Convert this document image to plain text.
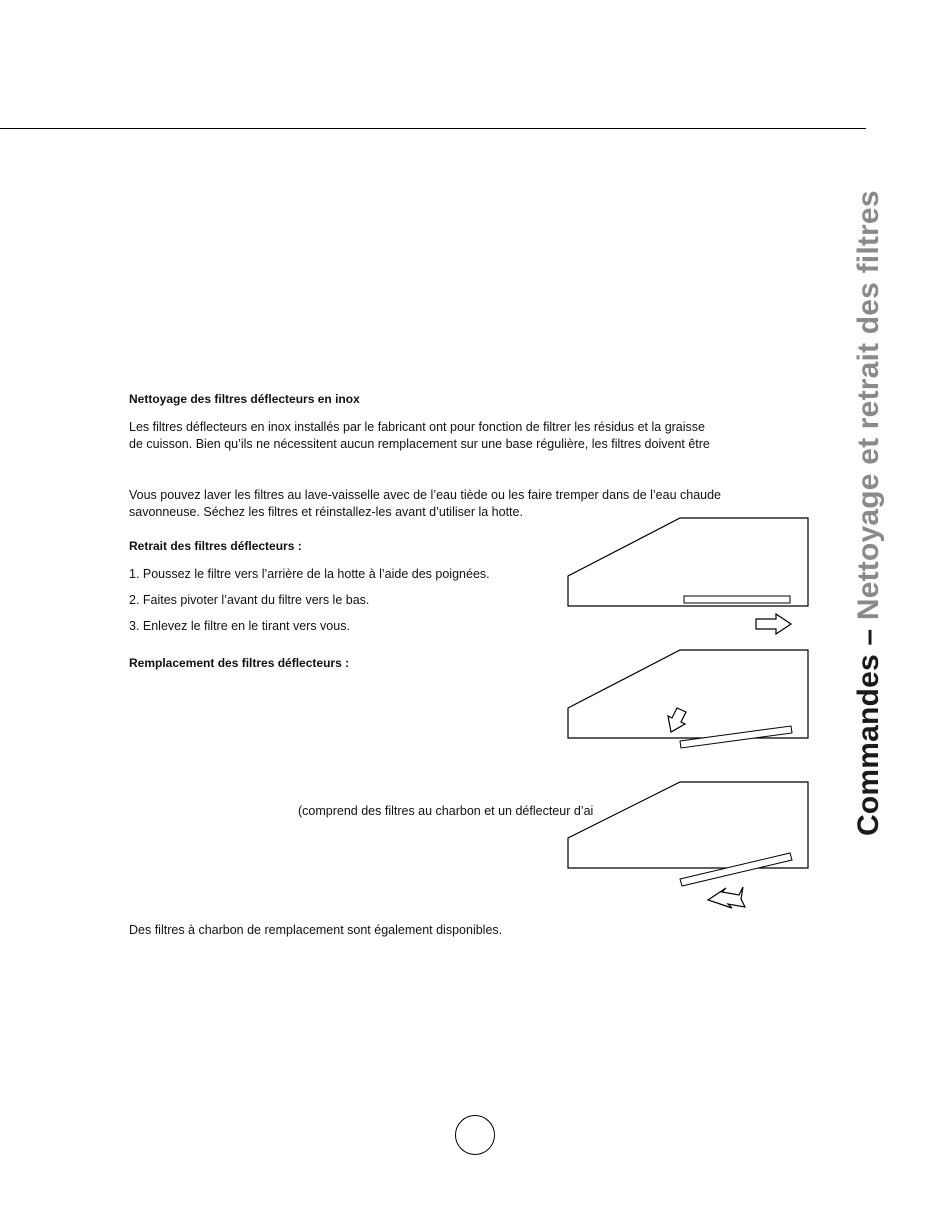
Nettoyage des filtres déflecteurs en inox
Les filtres déflecteurs en inox installés par le fabricant ont pour fonction de filtrer les résidus et la graisse
de cuisson. Bien qu’ils ne nécessitent aucun remplacement sur une base régulière, les filtres doivent être
Vous pouvez laver les filtres au lave-vaisselle avec de l’eau tiède ou les faire tremper dans de l’eau chaude
savonneuse. Séchez les filtres et réinstallez-les avant d’utiliser la hotte.
Retrait des filtres déflecteurs :
1. Poussez le filtre vers l’arrière de la hotte à l’aide des poignées.
2. Faites pivoter l’avant du filtre vers le bas.
3. Enlevez le filtre en le tirant vers vous.
Remplacement des filtres déflecteurs :
(comprend des filtres au charbon et un déflecteur d’ai
Des filtres à charbon de remplacement sont également disponibles.
Commandes – Nettoyage et retrait des filtres
